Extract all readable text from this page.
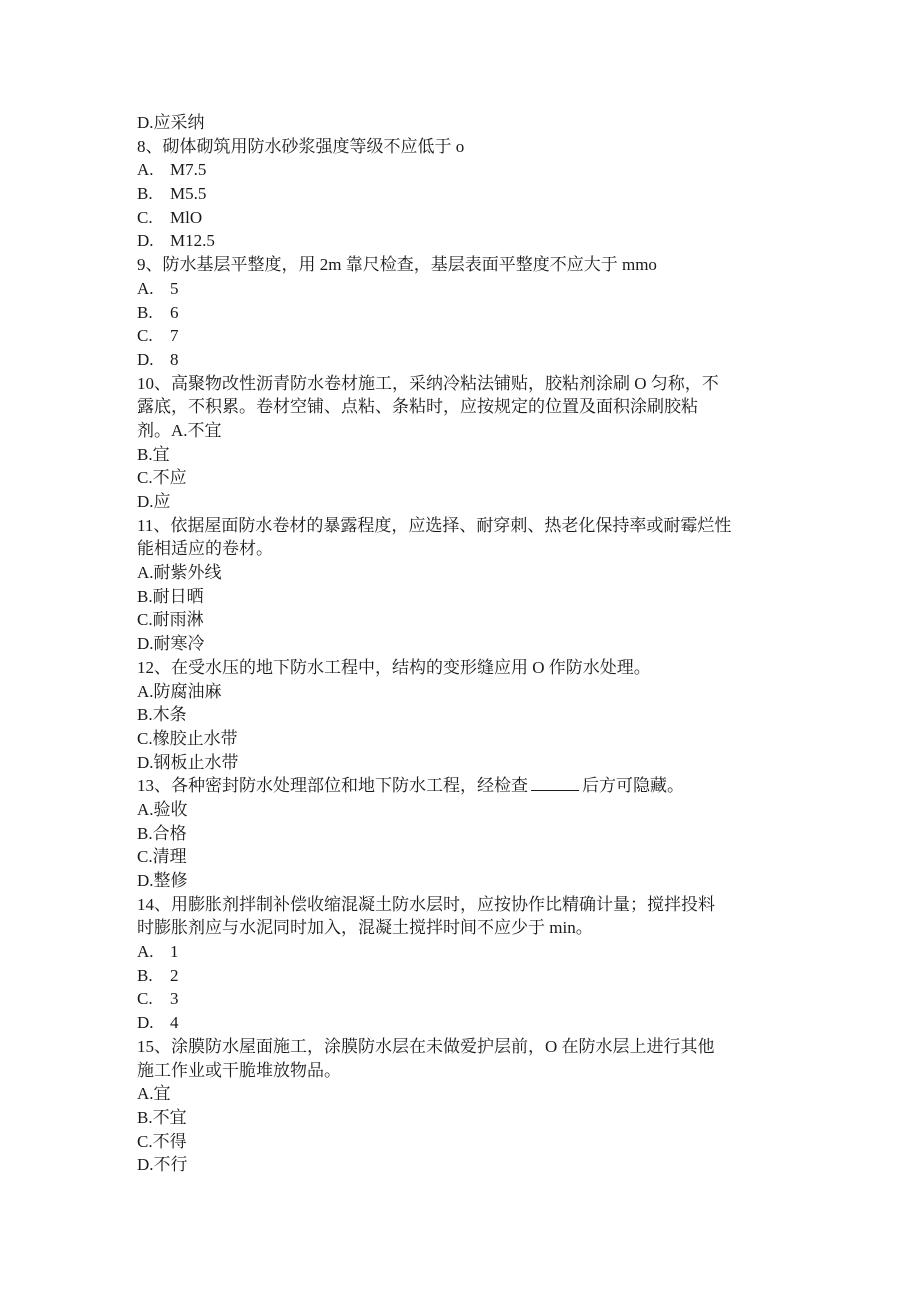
D.应采纳
8、砌体砌筑用防水砂浆强度等级不应低于 o
A. M7.5
B. M5.5
C. MlO
D. M12.5
9、防水基层平整度，用 2m 靠尺检查，基层表面平整度不应大于 mmo
A. 5
B. 6
C. 7
D. 8
10、高聚物改性沥青防水卷材施工，采纳冷粘法铺贴，胶粘剂涂刷 O 匀称，不
露底，不积累。卷材空铺、点粘、条粘时，应按规定的位置及面积涂刷胶粘
剂。A.不宜
B.宜
C.不应
D.应
11、依据屋面防水卷材的暴露程度，应选择、耐穿刺、热老化保持率或耐霉烂性
能相适应的卷材。
A.耐紫外线
B.耐日晒
C.耐雨淋
D.耐寒冷
12、在受水压的地下防水工程中，结构的变形缝应用 O 作防水处理。
A.防腐油麻
B.木条
C.橡胶止水带
D.钢板止水带
13、各种密封防水处理部位和地下防水工程，经检查	后方可隐藏。
A.验收
B.合格
C.清理
D.整修
14、用膨胀剂拌制补偿收缩混凝土防水层时，应按协作比精确计量；搅拌投料
时膨胀剂应与水泥同时加入，混凝土搅拌时间不应少于 min。
A. 1
B. 2
C. 3
D. 4
15、涂膜防水屋面施工，涂膜防水层在未做爱护层前，O 在防水层上进行其他
施工作业或干脆堆放物品。
A.宜
B.不宜
C.不得
D.不行
